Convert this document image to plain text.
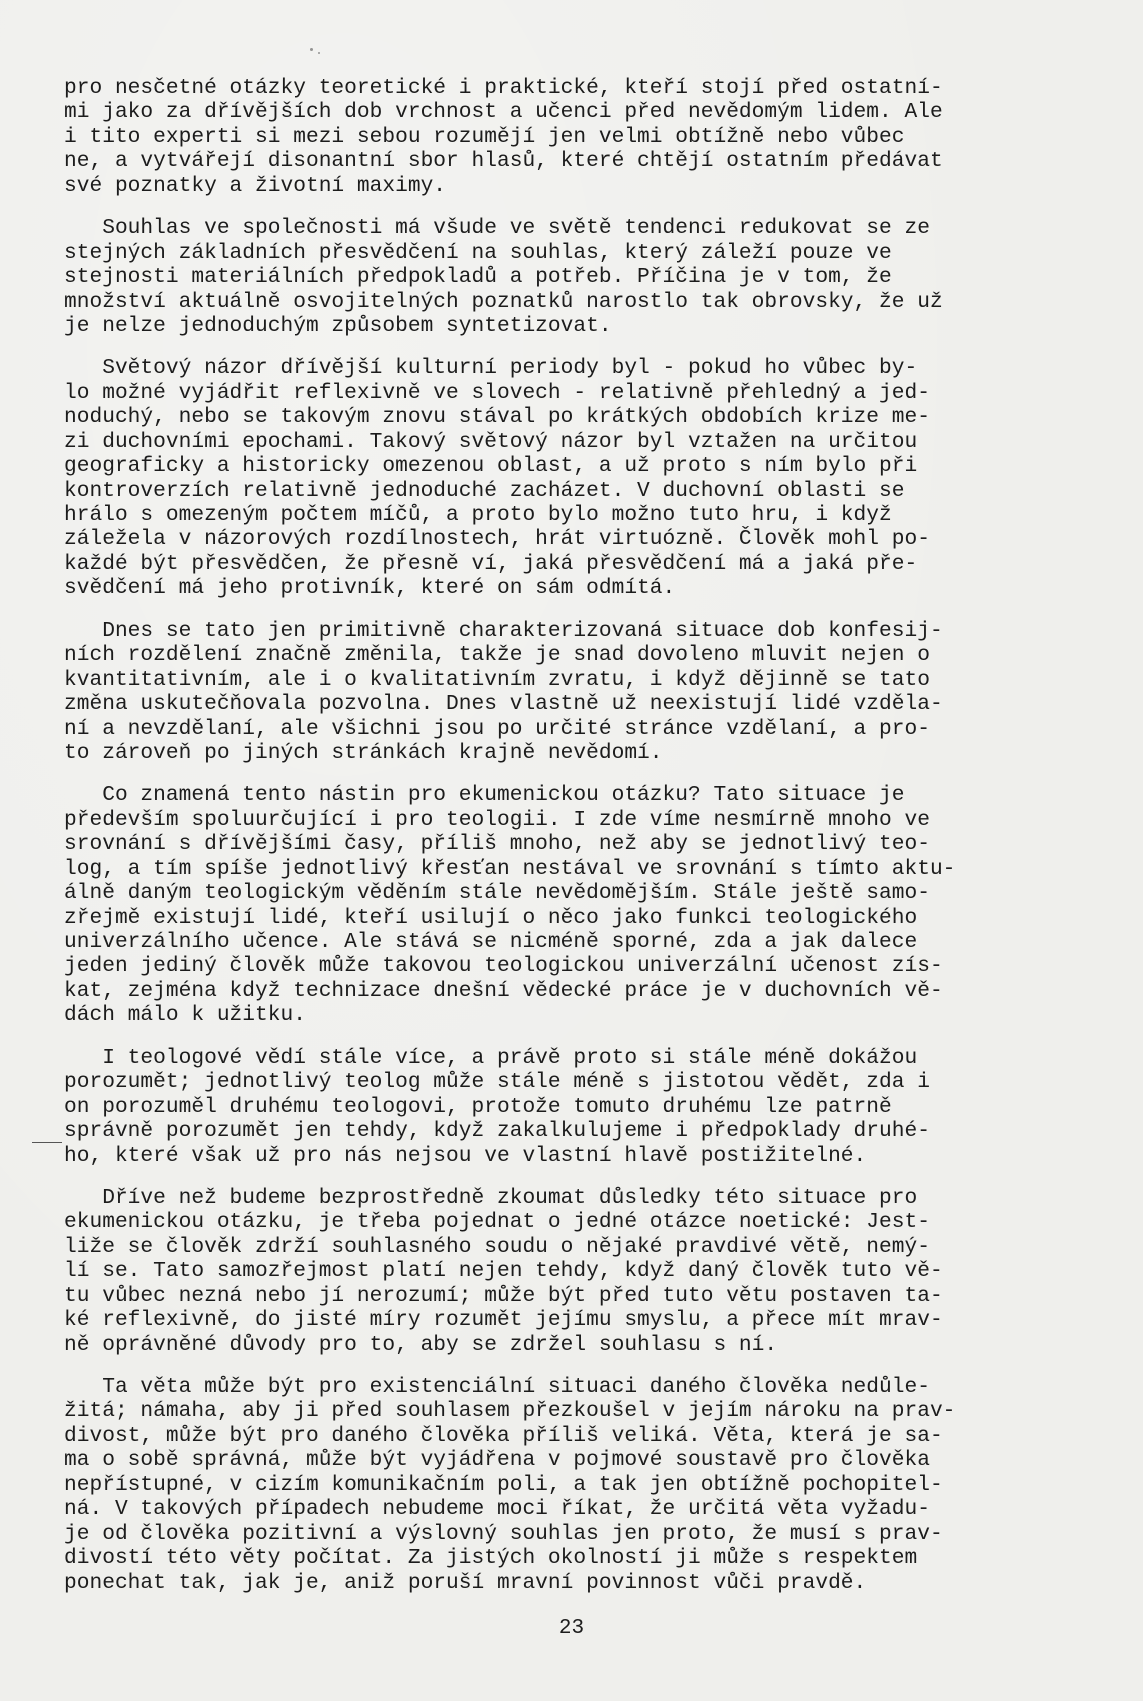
pro nesčetné otázky teoretické i praktické, kteří stojí před ostatní-
mi jako za dřívějších dob vrchnost a učenci před nevědomým lidem. Ale
i tito experti si mezi sebou rozumějí jen velmi obtížně nebo vůbec
ne, a vytvářejí disonantní sbor hlasů, které chtějí ostatním předávat
své poznatky a životní maximy.
Souhlas ve společnosti má všude ve světě tendenci redukovat se ze
stejných základních přesvědčení na souhlas, který záleží pouze ve
stejnosti materiálních předpokladů a potřeb. Příčina je v tom, že
množství aktuálně osvojitelných poznatků narostlo tak obrovsky, že už
je nelze jednoduchým způsobem syntetizovat.
Světový názor dřívější kulturní periody byl - pokud ho vůbec by-
lo možné vyjádřit reflexivně ve slovech - relativně přehledný a jed-
noduchý, nebo se takovým znovu stával po krátkých obdobích krize me-
zi duchovními epochami. Takový světový názor byl vztažen na určitou
geograficky a historicky omezenou oblast, a už proto s ním bylo při
kontroverzích relativně jednoduché zacházet. V duchovní oblasti se
hrálo s omezeným počtem míčů, a proto bylo možno tuto hru, i když
záležela v názorových rozdílnostech, hrát virtuózně. Člověk mohl po-
každé být přesvědčen, že přesně ví, jaká přesvědčení má a jaká pře-
svědčení má jeho protivník, které on sám odmítá.
Dnes se tato jen primitivně charakterizovaná situace dob konfesij-
ních rozdělení značně změnila, takže je snad dovoleno mluvit nejen o
kvantitativním, ale i o kvalitativním zvratu, i když dějinně se tato
změna uskutečňovala pozvolna. Dnes vlastně už neexistují lidé vzděla-
ní a nevzdělaní, ale všichni jsou po určité stránce vzdělaní, a pro-
to zároveň po jiných stránkách krajně nevědomí.
Co znamená tento nástin pro ekumenickou otázku? Tato situace je
především spoluurčující i pro teologii. I zde víme nesmírně mnoho ve
srovnání s dřívějšími časy, příliš mnoho, než aby se jednotlivý teo-
log, a tím spíše jednotlivý křesťan nestával ve srovnání s tímto aktu-
álně daným teologickým věděním stále nevědomějším. Stále ještě samo-
zřejmě existují lidé, kteří usilují o něco jako funkci teologického
univerzálního učence. Ale stává se nicméně sporné, zda a jak dalece
jeden jediný člověk může takovou teologickou univerzální učenost zís-
kat, zejména když technizace dnešní vědecké práce je v duchovních vě-
dách málo k užitku.
I teologové vědí stále více, a právě proto si stále méně dokážou
porozumět; jednotlivý teolog může stále méně s jistotou vědět, zda i
on porozuměl druhému teologovi, protože tomuto druhému lze patrně
správně porozumět jen tehdy, když zakalkulujeme i předpoklady druhé-
ho, které však už pro nás nejsou ve vlastní hlavě postižitelné.
Dříve než budeme bezprostředně zkoumat důsledky této situace pro
ekumenickou otázku, je třeba pojednat o jedné otázce noetické: Jest-
liže se člověk zdrží souhlasného soudu o nějaké pravdivé větě, nemý-
lí se. Tato samozřejmost platí nejen tehdy, když daný člověk tuto vě-
tu vůbec nezná nebo jí nerozumí; může být před tuto větu postaven ta-
ké reflexivně, do jisté míry rozumět jejímu smyslu, a přece mít mrav-
ně oprávněné důvody pro to, aby se zdržel souhlasu s ní.
Ta věta může být pro existenciální situaci daného člověka nedůle-
žitá; námaha, aby ji před souhlasem přezkoušel v jejím nároku na prav-
divost, může být pro daného člověka příliš veliká. Věta, která je sa-
ma o sobě správná, může být vyjádřena v pojmové soustavě pro člověka
nepřístupné, v cizím komunikačním poli, a tak jen obtížně pochopitel-
ná. V takových případech nebudeme moci říkat, že určitá věta vyžadu-
je od člověka pozitivní a výslovný souhlas jen proto, že musí s prav-
divostí této věty počítat. Za jistých okolností ji může s respektem
ponechat tak, jak je, aniž poruší mravní povinnost vůči pravdě.
23
